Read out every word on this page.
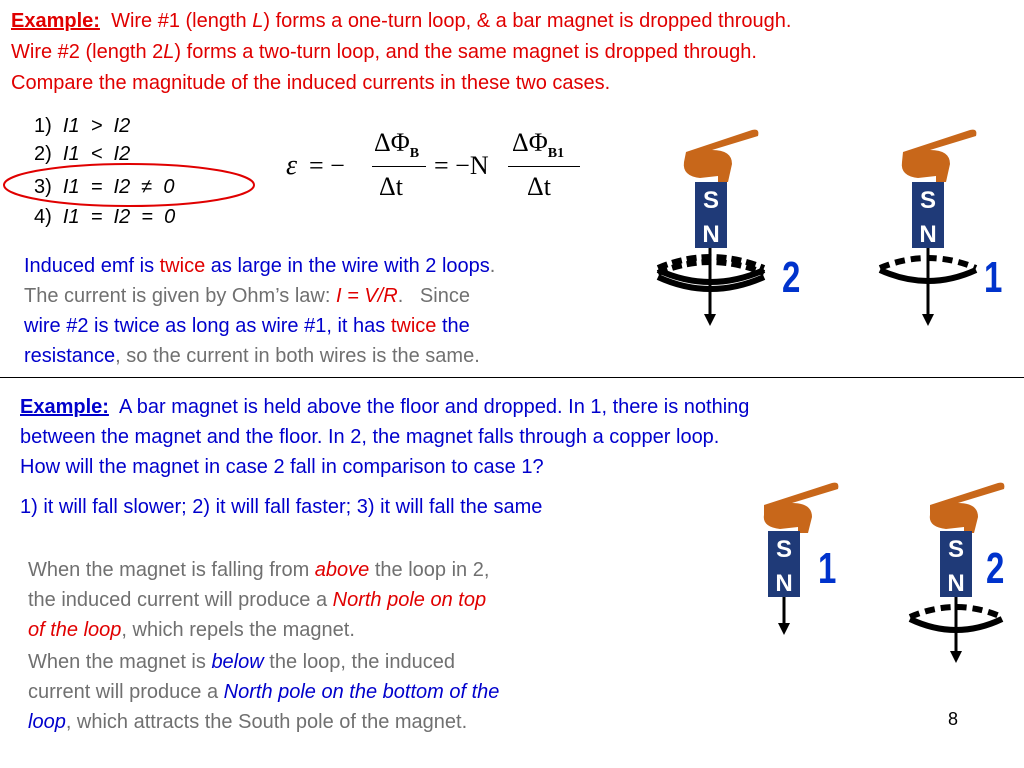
Example: Wire #1 (length L) forms a one-turn loop, & a bar magnet is dropped through.
Wire #2 (length 2L) forms a two-turn loop, and the same magnet is dropped through.
Compare the magnitude of the induced currents in these two cases.
1) I1  >  I2
2) I1  <  I2
3) I1  =  I2  ≠  0
4) I1  =  I2  =  0
ε = −
$\Delta\Phi_B$
Δt
= −N
$\Delta\Phi_{B1}$
Δt	S
N
2
S
N
1
Induced emf is twice as large in the wire with 2 loops.
The current is given by Ohm’s law: I = V/R.   Since
wire #2 is twice as long as wire #1, it has twice the
resistance, so the current in both wires is the same.
Example: A bar magnet is held above the floor and dropped. In 1, there is nothing
between the magnet and the floor. In 2, the magnet falls through a copper loop.
How will the magnet in case 2 fall in comparison to case 1?
1) it will fall slower; 2) it will fall faster; 3) it will fall the same
When the magnet is falling from above the loop in 2,
the induced current will produce a North pole on top
of the loop, which repels the magnet.
When the magnet is below the loop, the induced
current will produce a North pole on the bottom of the
loop, which attracts the South pole of the magnet.
S
N 1	S
N 2
8
